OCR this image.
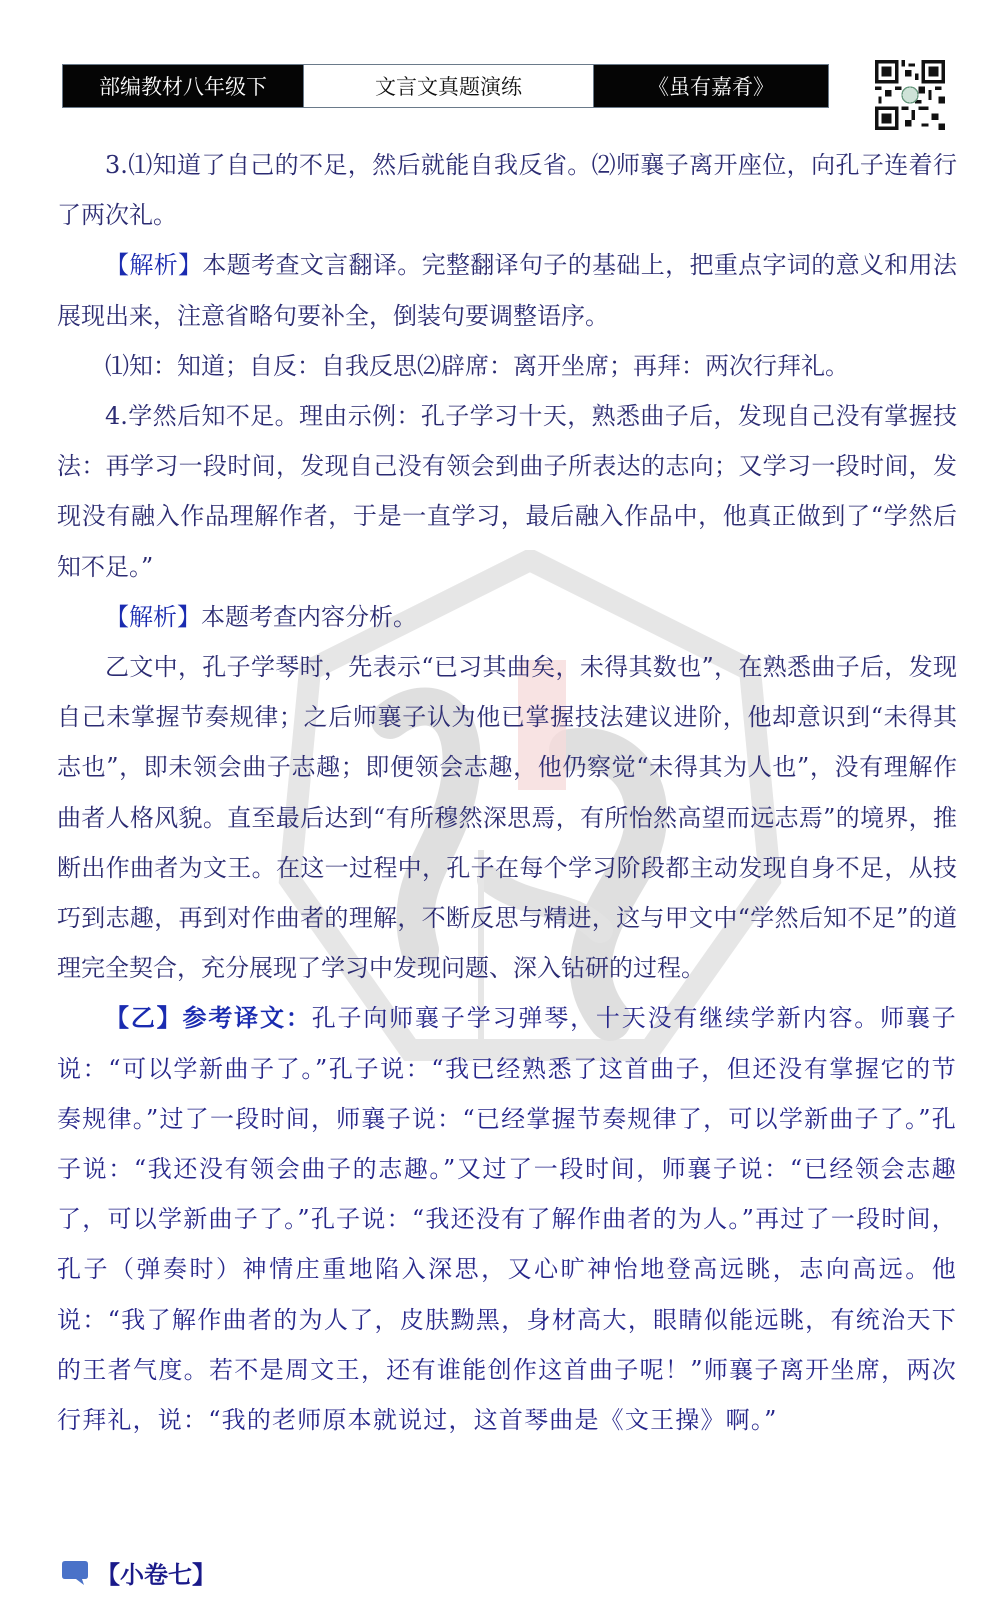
部编教材八年级下	文言文真题演练	《虽有嘉肴》

3.⑴知道了自己的不足，然后就能自我反省。⑵师襄子离开座位，向孔子连着行了两次礼。

【解析】本题考查文言翻译。完整翻译句子的基础上，把重点字词的意义和用法展现出来，注意省略句要补全，倒装句要调整语序。

⑴知：知道；自反：自我反思⑵辟席：离开坐席；再拜：两次行拜礼。

4.学然后知不足。理由示例：孔子学习十天，熟悉曲子后，发现自己没有掌握技法：再学习一段时间，发现自己没有领会到曲子所表达的志向；又学习一段时间，发现没有融入作品理解作者，于是一直学习，最后融入作品中，他真正做到了“学然后知不足。”

【解析】本题考查内容分析。

乙文中，孔子学琴时，先表示“已习其曲矣，未得其数也”，在熟悉曲子后，发现自己未掌握节奏规律；之后师襄子认为他已掌握技法建议进阶，他却意识到“未得其志也”，即未领会曲子志趣；即便领会志趣，他仍察觉“未得其为人也”，没有理解作曲者人格风貌。直至最后达到“有所穆然深思焉，有所怡然高望而远志焉”的境界，推断出作曲者为文王。在这一过程中，孔子在每个学习阶段都主动发现自身不足，从技巧到志趣，再到对作曲者的理解，不断反思与精进，这与甲文中“学然后知不足”的道理完全契合，充分展现了学习中发现问题、深入钻研的过程。

【乙】参考译文：孔子向师襄子学习弹琴，十天没有继续学新内容。师襄子说：“可以学新曲子了。”孔子说：“我已经熟悉了这首曲子，但还没有掌握它的节奏规律。”过了一段时间，师襄子说：“已经掌握节奏规律了，可以学新曲子了。”孔子说：“我还没有领会曲子的志趣。”又过了一段时间，师襄子说：“已经领会志趣了，可以学新曲子了。”孔子说：“我还没有了解作曲者的为人。”再过了一段时间，孔子（弹奏时）神情庄重地陷入深思，又心旷神怡地登高远眺，志向高远。他说：“我了解作曲者的为人了，皮肤黝黑，身材高大，眼睛似能远眺，有统治天下的王者气度。若不是周文王，还有谁能创作这首曲子呢！”师襄子离开坐席，两次行拜礼，说：“我的老师原本就说过，这首琴曲是《文王操》啊。”

【小卷七】
